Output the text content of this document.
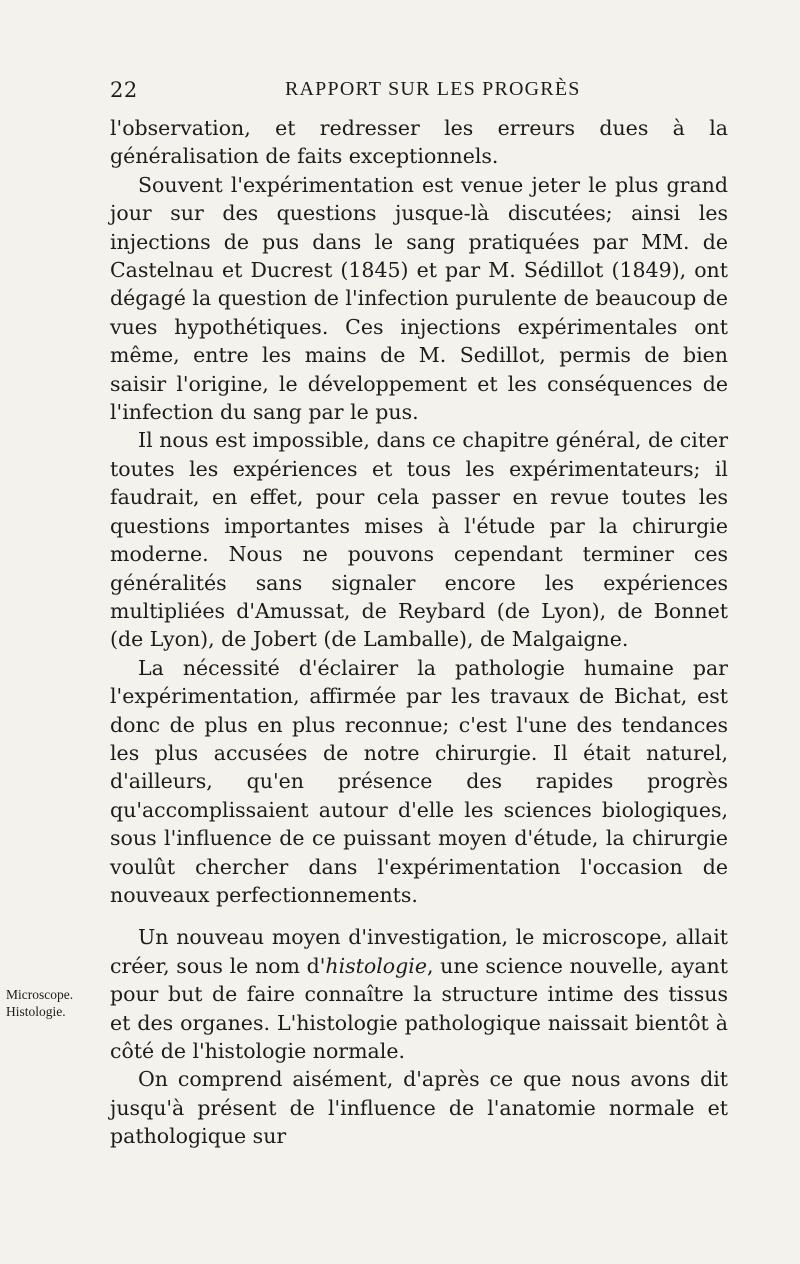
22	RAPPORT SUR LES PROGRÈS

l'observation, et redresser les erreurs dues à la généralisation de faits exceptionnels.

Souvent l'expérimentation est venue jeter le plus grand jour sur des questions jusque-là discutées; ainsi les injections de pus dans le sang pratiquées par MM. de Castelnau et Ducrest (1845) et par M. Sédillot (1849), ont dégagé la question de l'infection purulente de beaucoup de vues hypothétiques. Ces injections expérimentales ont même, entre les mains de M. Sedillot, permis de bien saisir l'origine, le développement et les conséquences de l'infection du sang par le pus.

Il nous est impossible, dans ce chapitre général, de citer toutes les expériences et tous les expérimentateurs; il faudrait, en effet, pour cela passer en revue toutes les questions importantes mises à l'étude par la chirurgie moderne. Nous ne pouvons cependant terminer ces généralités sans signaler encore les expériences multipliées d'Amussat, de Reybard (de Lyon), de Bonnet (de Lyon), de Jobert (de Lamballe), de Malgaigne.

La nécessité d'éclairer la pathologie humaine par l'expérimentation, affirmée par les travaux de Bichat, est donc de plus en plus reconnue; c'est l'une des tendances les plus accusées de notre chirurgie. Il était naturel, d'ailleurs, qu'en présence des rapides progrès qu'accomplissaient autour d'elle les sciences biologiques, sous l'influence de ce puissant moyen d'étude, la chirurgie voulût chercher dans l'expérimentation l'occasion de nouveaux perfectionnements.

Un nouveau moyen d'investigation, le microscope, allait créer, sous le nom d'histologie, une science nouvelle, ayant pour but de faire connaître la structure intime des tissus et des organes. L'histologie pathologique naissait bientôt à côté de l'histologie normale.

On comprend aisément, d'après ce que nous avons dit jusqu'à présent de l'influence de l'anatomie normale et pathologique sur

Microscope.
Histologie.
